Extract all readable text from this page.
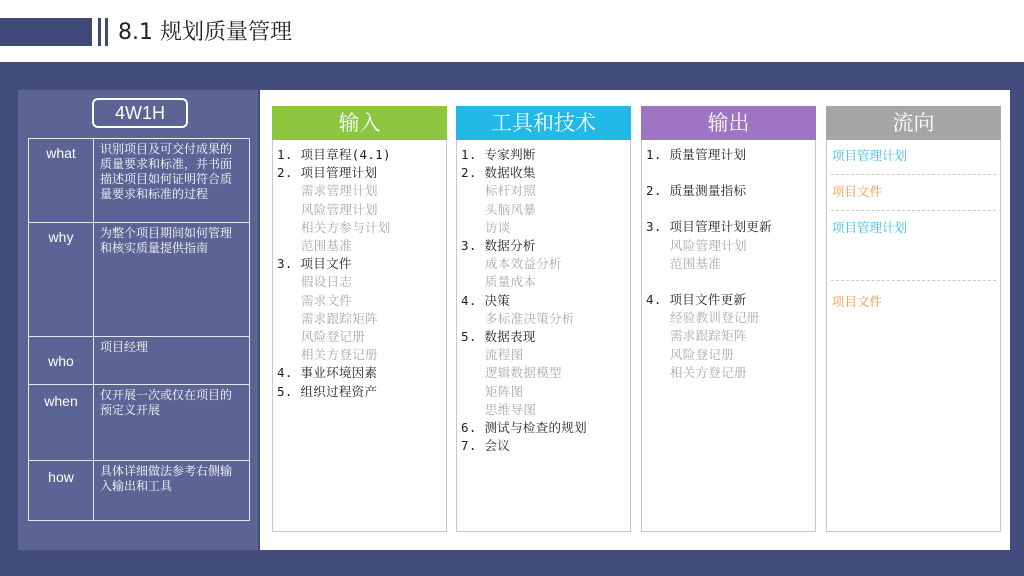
8.1 规划质量管理
4W1H
what	识别项目及可交付成果的质量要求和标准，并书面描述项目如何证明符合质量要求和标准的过程
why	为整个项目期间如何管理和核实质量提供指南
who	项目经理
when	仅开展一次或仅在项目的预定义开展
how	具体详细做法参考右侧输入输出和工具
输入
1. 项目章程(4.1)
2. 项目管理计划
需求管理计划
风险管理计划
相关方参与计划
范围基准
3. 项目文件
假设日志
需求文件
需求跟踪矩阵
风险登记册
相关方登记册
4. 事业环境因素
5. 组织过程资产
工具和技术
1. 专家判断
2. 数据收集
标杆对照
头脑风暴
访谈
3. 数据分析
成本效益分析
质量成本
4. 决策
多标准决策分析
5. 数据表现
流程图
逻辑数据模型
矩阵图
思维导图
6. 测试与检查的规划
7. 会议
输出
1. 质量管理计划
2. 质量测量指标
3. 项目管理计划更新
风险管理计划
范围基准
4. 项目文件更新
经验教训登记册
需求跟踪矩阵
风险登记册
相关方登记册
流向
项目管理计划
项目文件
项目管理计划
项目文件
